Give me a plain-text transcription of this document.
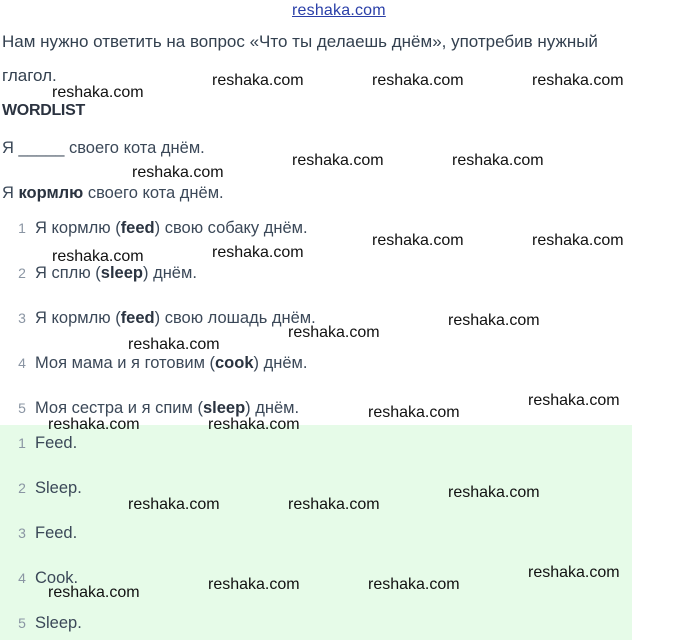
reshaka.com
Нам нужно ответить на вопрос «Что ты делаешь днём», употребив нужный
глагол.
WORDLIST
Я _____ своего кота днём.
Я кормлю своего кота днём.
1 Я кормлю (feed) свою собаку днём.
2 Я сплю (sleep) днём.
3 Я кормлю (feed) свою лошадь днём.
4 Моя мама и я готовим (cook) днём.
5 Моя сестра и я спим (sleep) днём.
1 Feed.
2 Sleep.
3 Feed.
4 Cook.
5 Sleep.
reshaka.com	reshaka.com	reshaka.com
reshaka.com
reshaka.com	reshaka.com
reshaka.com
reshaka.com	reshaka.com
reshaka.com
reshaka.com
reshaka.com
reshaka.com
reshaka.com
reshaka.com
reshaka.com
reshaka.com	reshaka.com
reshaka.com
reshaka.com	reshaka.com
reshaka.com
reshaka.com	reshaka.com
reshaka.com
